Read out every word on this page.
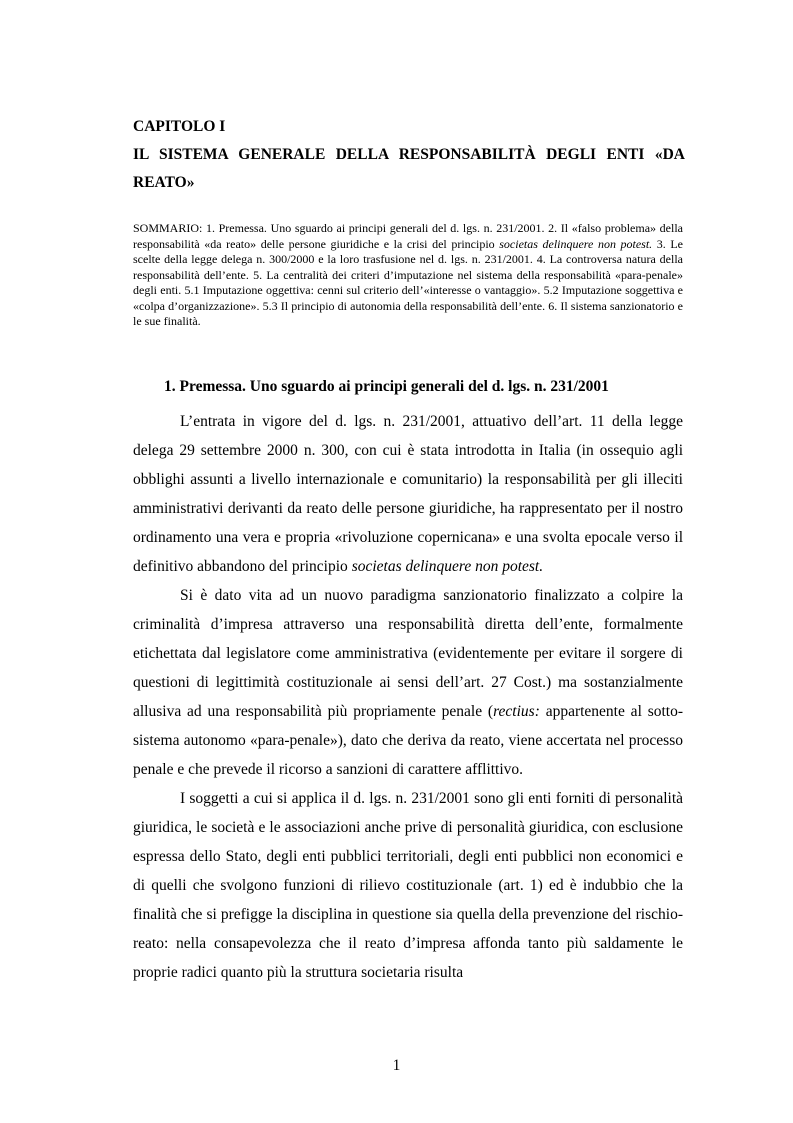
CAPITOLO I
IL SISTEMA GENERALE DELLA RESPONSABILITÀ DEGLI ENTI «DA REATO»
SOMMARIO: 1. Premessa. Uno sguardo ai principi generali del d. lgs. n. 231/2001. 2. Il «falso problema» della responsabilità «da reato» delle persone giuridiche e la crisi del principio societas delinquere non potest. 3. Le scelte della legge delega n. 300/2000 e la loro trasfusione nel d. lgs. n. 231/2001. 4. La controversa natura della responsabilità dell’ente. 5. La centralità dei criteri d’imputazione nel sistema della responsabilità «para-penale» degli enti. 5.1 Imputazione oggettiva: cenni sul criterio dell’«interesse o vantaggio». 5.2 Imputazione soggettiva e «colpa d’organizzazione». 5.3 Il principio di autonomia della responsabilità dell’ente. 6. Il sistema sanzionatorio e le sue finalità.
1. Premessa. Uno sguardo ai principi generali del d. lgs. n. 231/2001

L’entrata in vigore del d. lgs. n. 231/2001, attuativo dell’art. 11 della legge delega 29 settembre 2000 n. 300, con cui è stata introdotta in Italia (in ossequio agli obblighi assunti a livello internazionale e comunitario) la responsabilità per gli illeciti amministrativi derivanti da reato delle persone giuridiche, ha rappresentato per il nostro ordinamento una vera e propria «rivoluzione copernicana» e una svolta epocale verso il definitivo abbandono del principio societas delinquere non potest.

Si è dato vita ad un nuovo paradigma sanzionatorio finalizzato a colpire la criminalità d’impresa attraverso una responsabilità diretta dell’ente, formalmente etichettata dal legislatore come amministrativa (evidentemente per evitare il sorgere di questioni di legittimità costituzionale ai sensi dell’art. 27 Cost.) ma sostanzialmente allusiva ad una responsabilità più propriamente penale (rectius: appartenente al sotto-sistema autonomo «para-penale»), dato che deriva da reato, viene accertata nel processo penale e che prevede il ricorso a sanzioni di carattere afflittivo.

I soggetti a cui si applica il d. lgs. n. 231/2001 sono gli enti forniti di personalità giuridica, le società e le associazioni anche prive di personalità giuridica, con esclusione espressa dello Stato, degli enti pubblici territoriali, degli enti pubblici non economici e di quelli che svolgono funzioni di rilievo costituzionale (art. 1) ed è indubbio che la finalità che si prefigge la disciplina in questione sia quella della prevenzione del rischio-reato: nella consapevolezza che il reato d’impresa affonda tanto più saldamente le proprie radici quanto più la struttura societaria risulta

1
